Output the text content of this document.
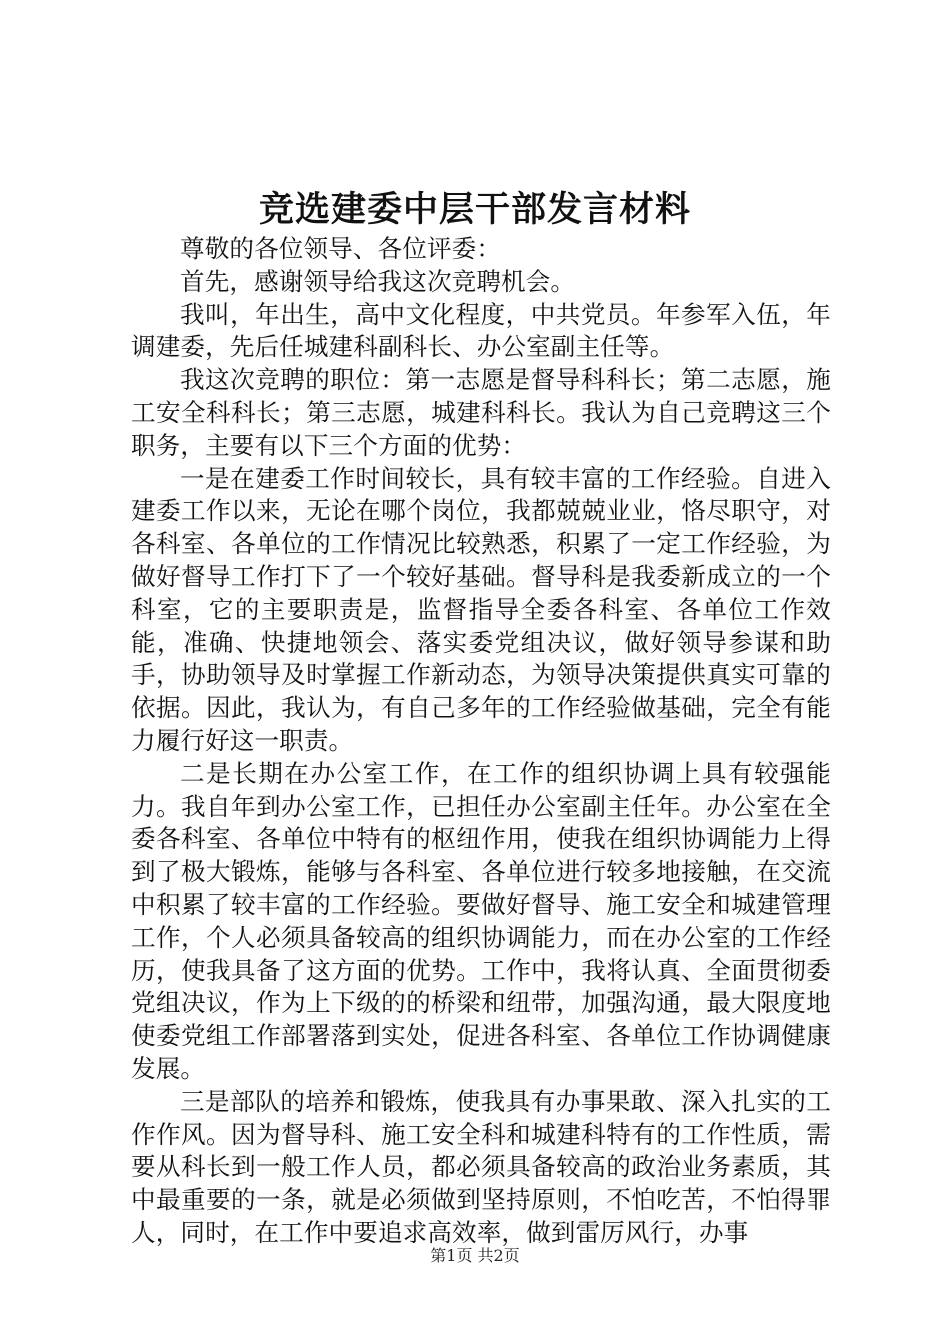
竞选建委中层干部发言材料

尊敬的各位领导、各位评委：

首先，感谢领导给我这次竞聘机会。

我叫，年出生，高中文化程度，中共党员。年参军入伍，年调建委，先后任城建科副科长、办公室副主任等。

我这次竞聘的职位：第一志愿是督导科科长；第二志愿，施工安全科科长；第三志愿，城建科科长。我认为自己竞聘这三个职务，主要有以下三个方面的优势：

一是在建委工作时间较长，具有较丰富的工作经验。自进入建委工作以来，无论在哪个岗位，我都兢兢业业，恪尽职守，对各科室、各单位的工作情况比较熟悉，积累了一定工作经验，为做好督导工作打下了一个较好基础。督导科是我委新成立的一个科室，它的主要职责是，监督指导全委各科室、各单位工作效能，准确、快捷地领会、落实委党组决议，做好领导参谋和助手，协助领导及时掌握工作新动态，为领导决策提供真实可靠的依据。因此，我认为，有自己多年的工作经验做基础，完全有能力履行好这一职责。

二是长期在办公室工作，在工作的组织协调上具有较强能力。我自年到办公室工作，已担任办公室副主任年。办公室在全委各科室、各单位中特有的枢纽作用，使我在组织协调能力上得到了极大锻炼，能够与各科室、各单位进行较多地接触，在交流中积累了较丰富的工作经验。要做好督导、施工安全和城建管理工作，个人必须具备较高的组织协调能力，而在办公室的工作经历，使我具备了这方面的优势。工作中，我将认真、全面贯彻委党组决议，作为上下级的的桥梁和纽带，加强沟通，最大限度地使委党组工作部署落到实处，促进各科室、各单位工作协调健康发展。

三是部队的培养和锻炼，使我具有办事果敢、深入扎实的工作作风。因为督导科、施工安全科和城建科特有的工作性质，需要从科长到一般工作人员，都必须具备较高的政治业务素质，其中最重要的一条，就是必须做到坚持原则，不怕吃苦，不怕得罪人，同时，在工作中要追求高效率，做到雷厉风行，办事

第1页 共2页
